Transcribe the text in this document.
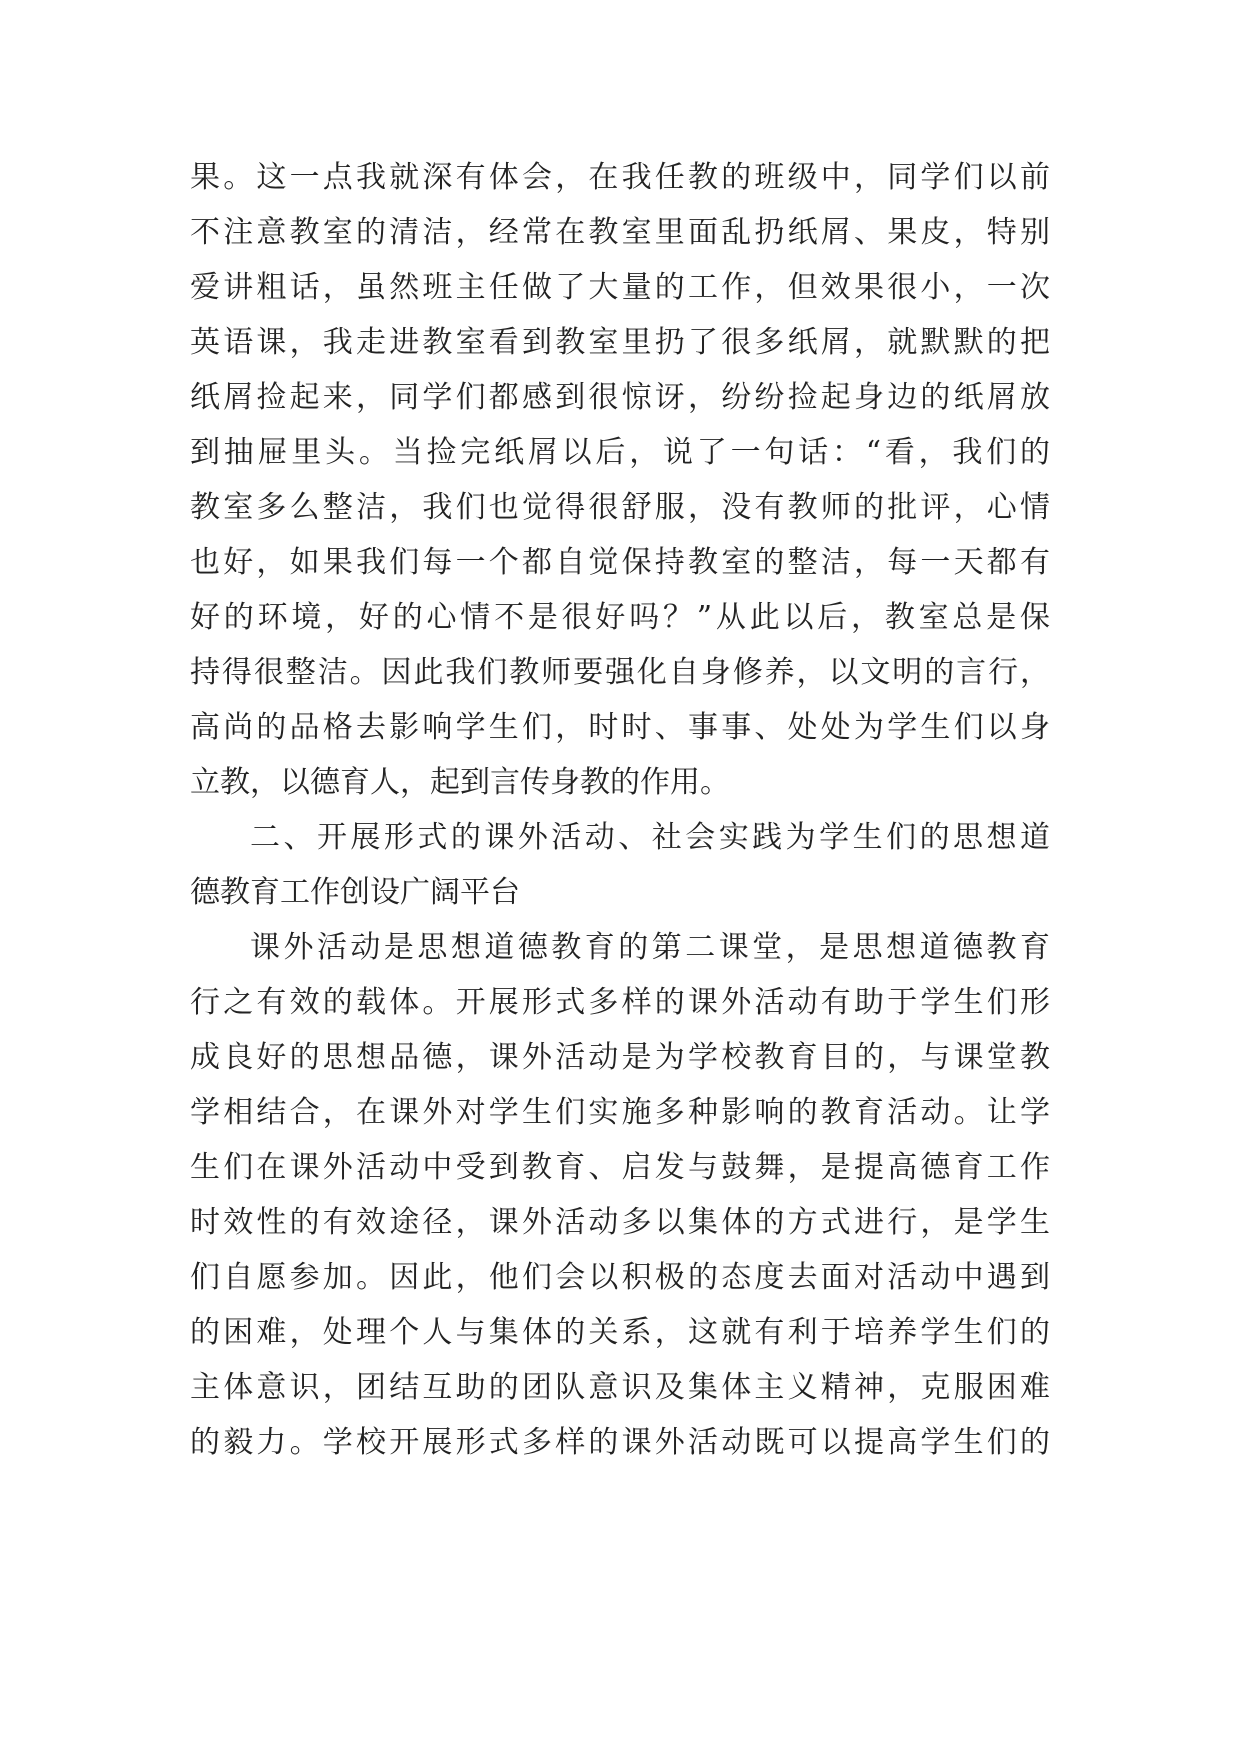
果。这一点我就深有体会，在我任教的班级中，同学们以前
不注意教室的清洁，经常在教室里面乱扔纸屑、果皮，特别
爱讲粗话，虽然班主任做了大量的工作，但效果很小，一次
英语课，我走进教室看到教室里扔了很多纸屑，就默默的把
纸屑捡起来，同学们都感到很惊讶，纷纷捡起身边的纸屑放
到抽屉里头。当捡完纸屑以后，说了一句话：“看，我们的
教室多么整洁，我们也觉得很舒服，没有教师的批评，心情
也好，如果我们每一个都自觉保持教室的整洁，每一天都有
好的环境，好的心情不是很好吗？”从此以后，教室总是保
持得很整洁。因此我们教师要强化自身修养，以文明的言行，
高尚的品格去影响学生们，时时、事事、处处为学生们以身
立教，以德育人，起到言传身教的作用。
二、开展形式的课外活动、社会实践为学生们的思想道
德教育工作创设广阔平台
课外活动是思想道德教育的第二课堂，是思想道德教育
行之有效的载体。开展形式多样的课外活动有助于学生们形
成良好的思想品德，课外活动是为学校教育目的，与课堂教
学相结合，在课外对学生们实施多种影响的教育活动。让学
生们在课外活动中受到教育、启发与鼓舞，是提高德育工作
时效性的有效途径，课外活动多以集体的方式进行，是学生
们自愿参加。因此，他们会以积极的态度去面对活动中遇到
的困难，处理个人与集体的关系，这就有利于培养学生们的
主体意识，团结互助的团队意识及集体主义精神，克服困难
的毅力。学校开展形式多样的课外活动既可以提高学生们的
